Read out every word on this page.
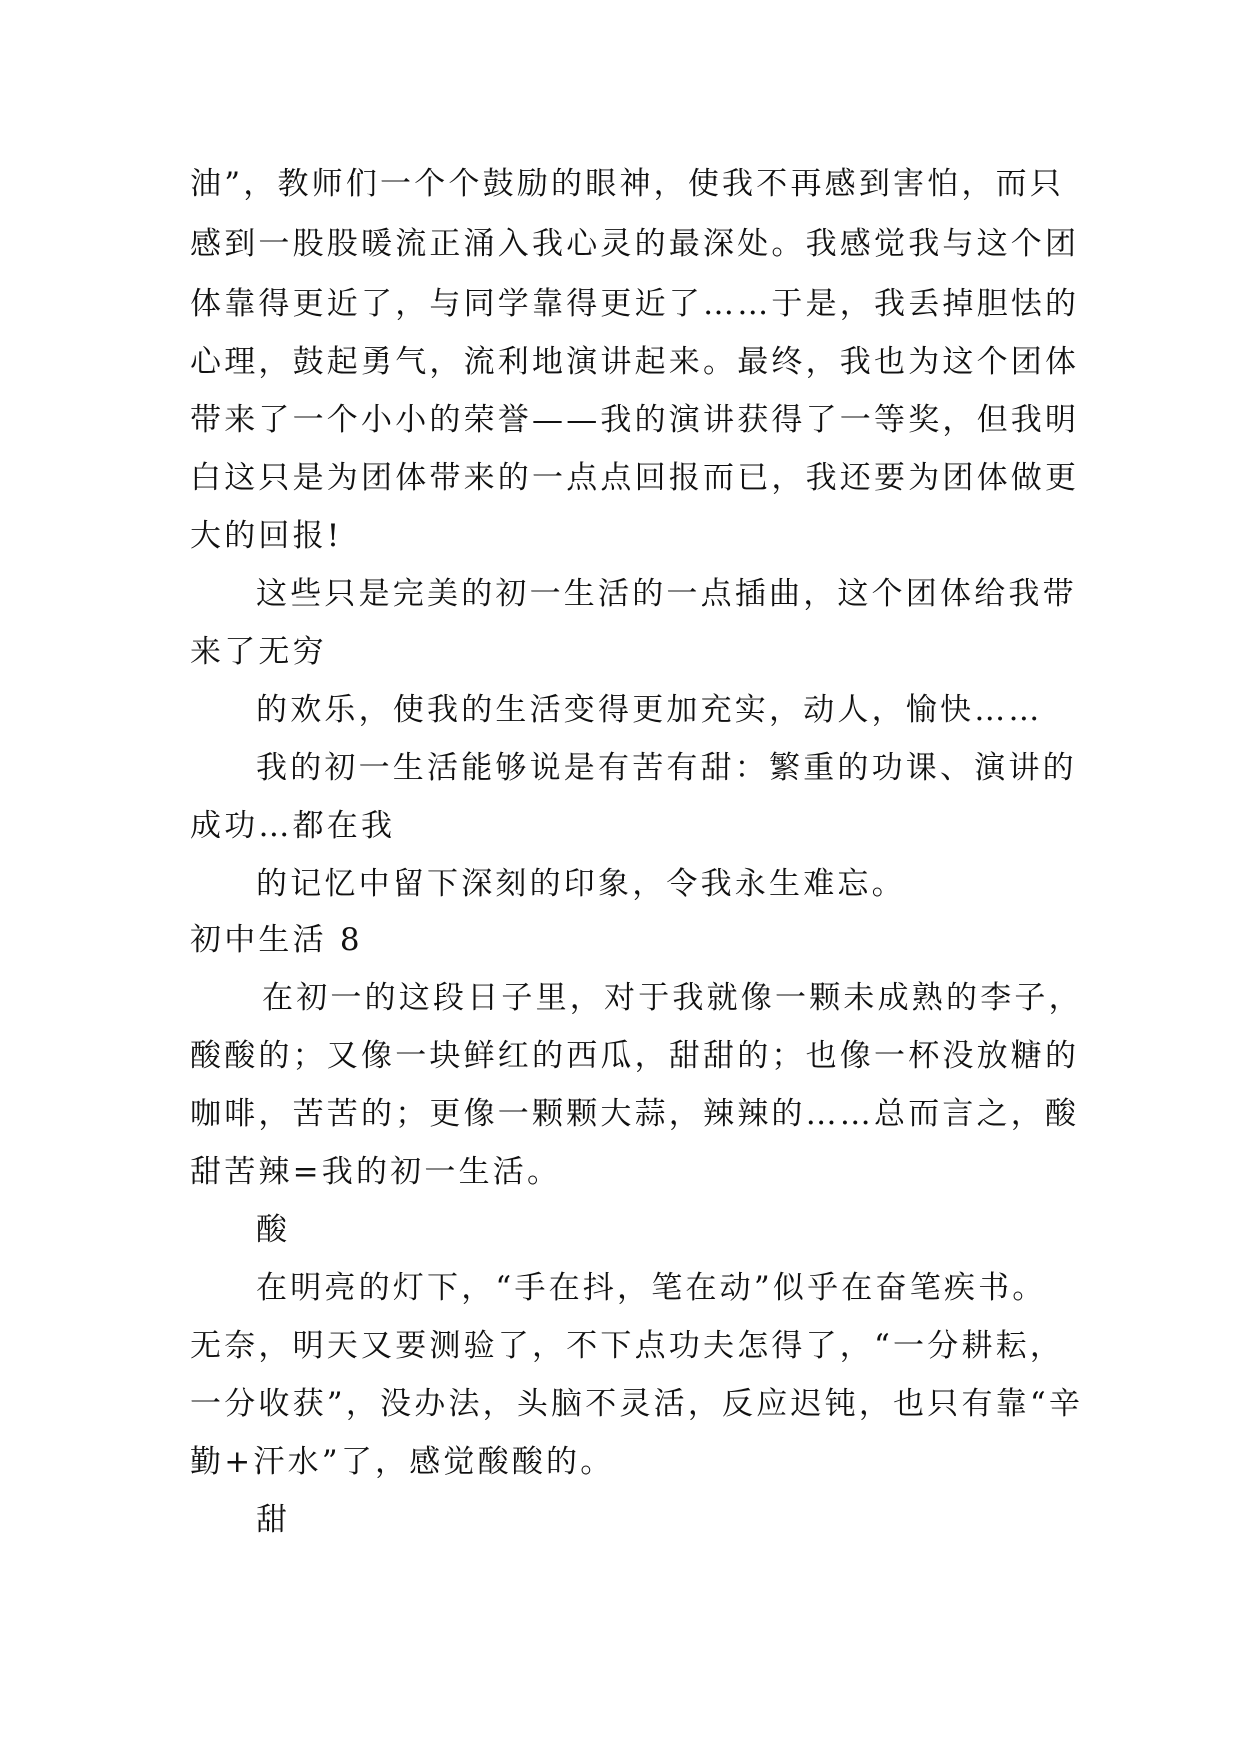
油”，教师们一个个鼓励的眼神，使我不再感到害怕，而只
感到一股股暖流正涌入我心灵的最深处。我感觉我与这个团
体靠得更近了，与同学靠得更近了……于是，我丢掉胆怯的
心理，鼓起勇气，流利地演讲起来。最终，我也为这个团体
带来了一个小小的荣誉——我的演讲获得了一等奖，但我明
白这只是为团体带来的一点点回报而已，我还要为团体做更
大的回报!
这些只是完美的初一生活的一点插曲，这个团体给我带
来了无穷
的欢乐，使我的生活变得更加充实，动人，愉快……
我的初一生活能够说是有苦有甜：繁重的功课、演讲的
成功…都在我
的记忆中留下深刻的印象，令我永生难忘。
初中生活 8
在初一的这段日子里，对于我就像一颗未成熟的李子，
酸酸的；又像一块鲜红的西瓜，甜甜的；也像一杯没放糖的
咖啡，苦苦的；更像一颗颗大蒜，辣辣的……总而言之，酸
甜苦辣=我的初一生活。
酸
在明亮的灯下，“手在抖，笔在动”似乎在奋笔疾书。
无奈，明天又要测验了，不下点功夫怎得了，“一分耕耘，
一分收获”，没办法，头脑不灵活，反应迟钝，也只有靠“辛
勤+汗水”了，感觉酸酸的。
甜
